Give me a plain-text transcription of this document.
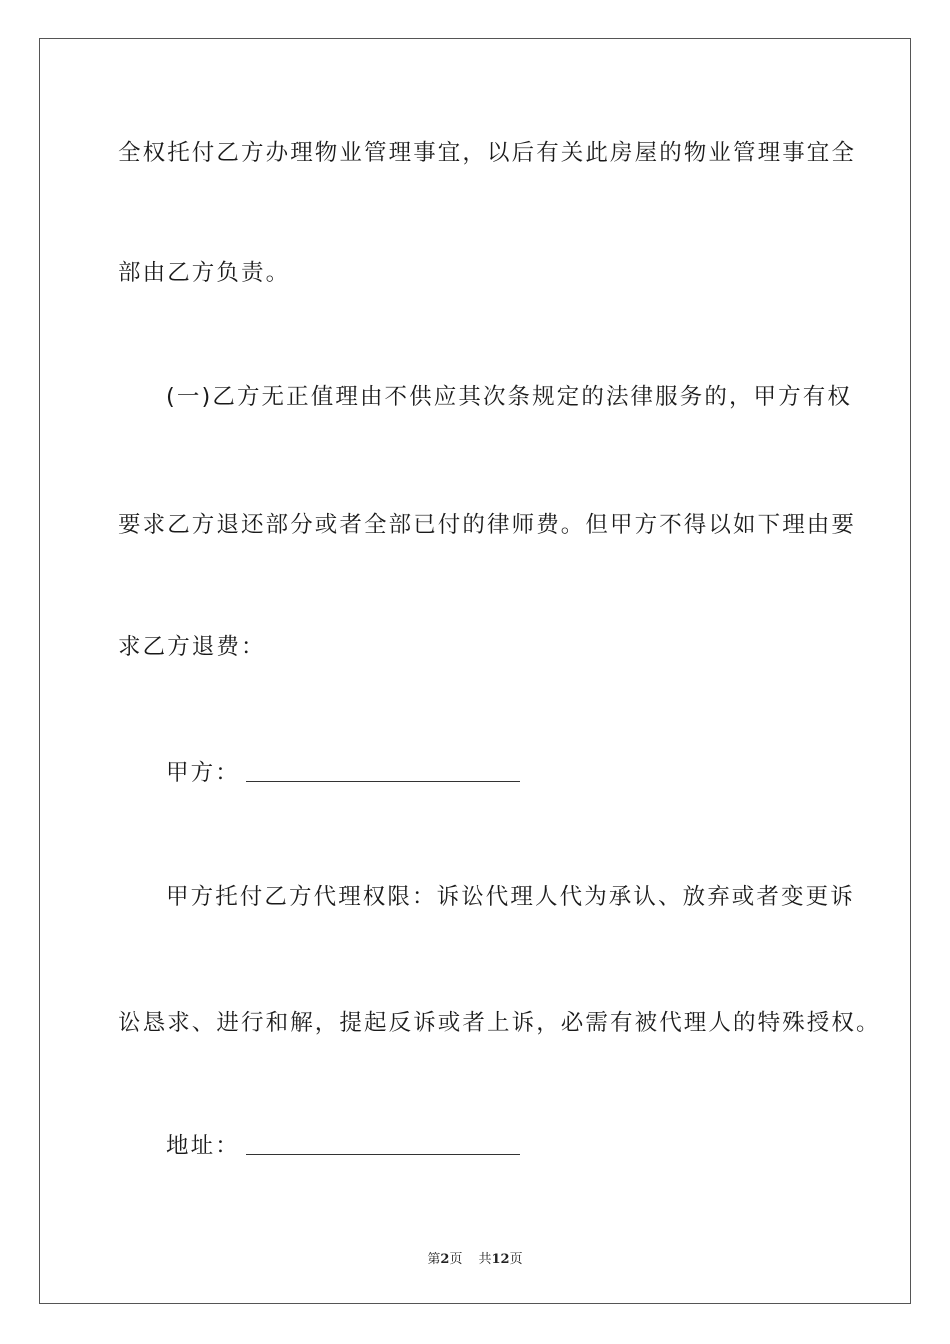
全权托付乙方办理物业管理事宜，以后有关此房屋的物业管理事宜全
部由乙方负责。
(一)乙方无正值理由不供应其次条规定的法律服务的，甲方有权
要求乙方退还部分或者全部已付的律师费。但甲方不得以如下理由要
求乙方退费：
甲方：
甲方托付乙方代理权限：诉讼代理人代为承认、放弃或者变更诉
讼恳求、进行和解，提起反诉或者上诉，必需有被代理人的特殊授权。
地址：
第2页 共12页
